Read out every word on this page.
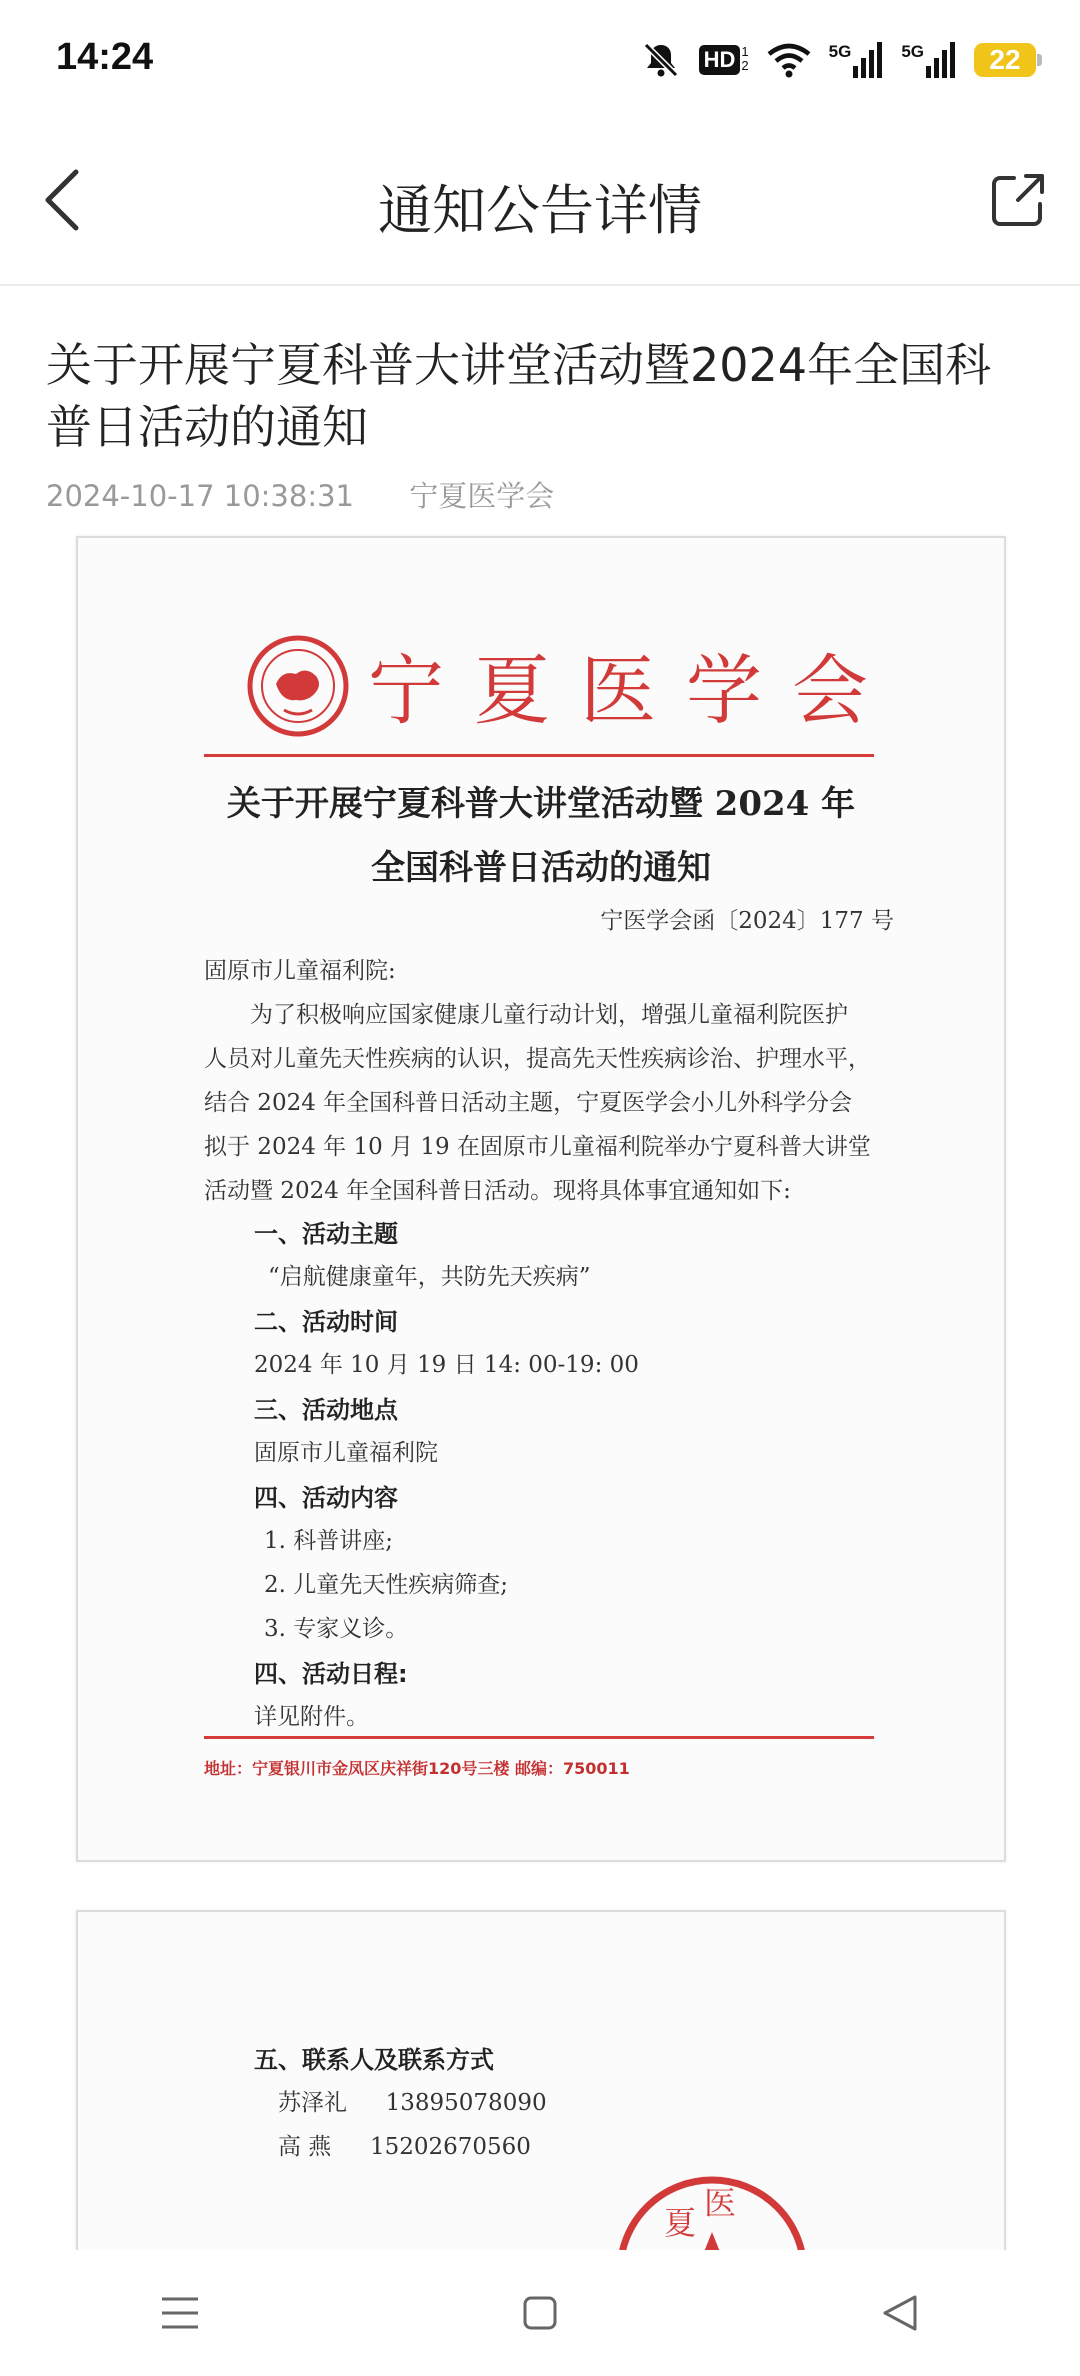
14:24	HD 1
2
5G	5G	22
通知公告详情
关于开展宁夏科普大讲堂活动暨2024年全国科普日活动的通知
2024-10-17 10:38:31 宁夏医学会
宁夏医学会
关于开展宁夏科普大讲堂活动暨 2024 年
全国科普日活动的通知
宁医学会函〔2024〕177 号
固原市儿童福利院:
为了积极响应国家健康儿童行动计划，增强儿童福利院医护
人员对儿童先天性疾病的认识，提高先天性疾病诊治、护理水平，
结合 2024 年全国科普日活动主题，宁夏医学会小儿外科学分会
拟于 2024 年 10 月 19 在固原市儿童福利院举办宁夏科普大讲堂
活动暨 2024 年全国科普日活动。现将具体事宜通知如下:
一、活动主题
“启航健康童年，共防先天疾病”
二、活动时间
2024 年 10 月 19 日 14: 00-19: 00
三、活动地点
固原市儿童福利院
四、活动内容
1. 科普讲座;
2. 儿童先天性疾病筛查;
3. 专家义诊。
四、活动日程:
详见附件。
地址：宁夏银川市金凤区庆祥街120号三楼 邮编：750011
五、联系人及联系方式
苏泽礼 13895078090
高 燕 15202670560
夏
医
